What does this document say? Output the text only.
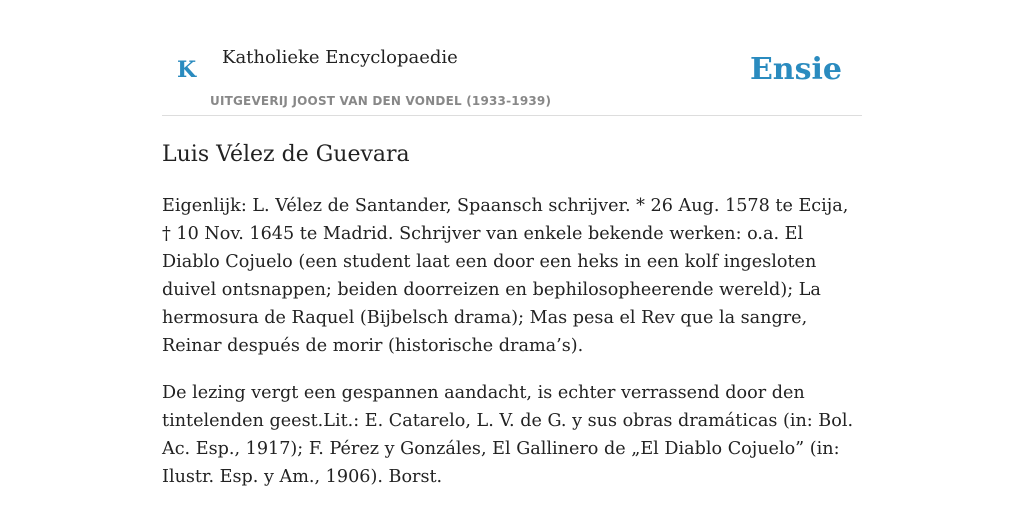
K Katholieke Encyclopaedie
UITGEVERIJ JOOST VAN DEN VONDEL (1933-1939)
Ensie
Luis Vélez de Guevara

Eigenlijk: L. Vélez de Santander, Spaansch schrijver. * 26 Aug. 1578 te Ecija, † 10 Nov. 1645 te Madrid. Schrijver van enkele bekende werken: o.a. El Diablo Cojuelo (een student laat een door een heks in een kolf ingesloten duivel ontsnappen; beiden doorreizen en bephilosopheerende wereld); La hermosura de Raquel (Bijbelsch drama); Mas pesa el Rev que la sangre, Reinar después de morir (historische drama’s).

De lezing vergt een gespannen aandacht, is echter verrassend door den tintelenden geest.Lit.: E. Catarelo, L. V. de G. y sus obras dramáticas (in: Bol. Ac. Esp., 1917); F. Pérez y Gonzáles, El Gallinero de „El Diablo Cojuelo” (in: Ilustr. Esp. y Am., 1906). Borst.
